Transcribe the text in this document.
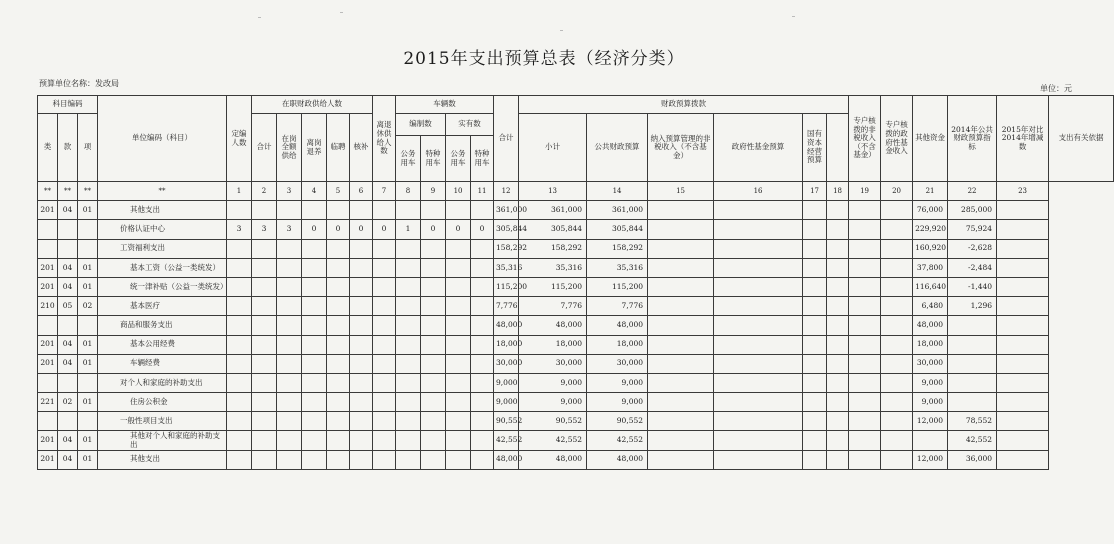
2015年支出预算总表（经济分类）
预算单位名称：发改局
单位：元
科目编码			单位编码（科目）	定编人数	在职财政供给人数					离退休供给人数	车辆数				合计	财政预算拨款						专户核拨的非税收入（不含基金）	专户核拨的政府性基金收入	其他资金	2014年公共财政预算指标	2015年对比2014年增减数	支出有关依据
类	款	项			合计	在岗全额供给	离岗退养	临聘	核补		编制数		实有数			小计	公共财政预算	纳入预算管理的非税收入（不含基金）	政府性基金预算	国有资本经营预算							
											公务用车	特种用车	公务用车	特种用车													
**	**	**	**	1	2	3	4	5	6	7	8	9	10	11	12	13	14	15	16	17	18	19	20	21	22	23	
201	04	01	其他支出												361,000	361,000	361,000							76,000	285,000		
			价格认证中心	3	3	3	0	0	0	0	1	0	0	0	305,844	305,844	305,844							229,920	75,924		
			工资福利支出												158,292	158,292	158,292							160,920	-2,628		
201	04	01	基本工资（公益一类统发）												35,316	35,316	35,316							37,800	-2,484		
201	04	01	统一津补贴（公益一类统发）												115,200	115,200	115,200							116,640	-1,440		
210	05	02	基本医疗												7,776	7,776	7,776							6,480	1,296		
			商品和服务支出												48,000	48,000	48,000							48,000			
201	04	01	基本公用经费												18,000	18,000	18,000							18,000			
201	04	01	车辆经费												30,000	30,000	30,000							30,000			
			对个人和家庭的补助支出												9,000	9,000	9,000							9,000			
221	02	01	住房公积金												9,000	9,000	9,000							9,000			
			一般性项目支出												90,552	90,552	90,552							12,000	78,552		
201	04	01	其他对个人和家庭的补助支出												42,552	42,552	42,552								42,552		
201	04	01	其他支出												48,000	48,000	48,000							12,000	36,000		
